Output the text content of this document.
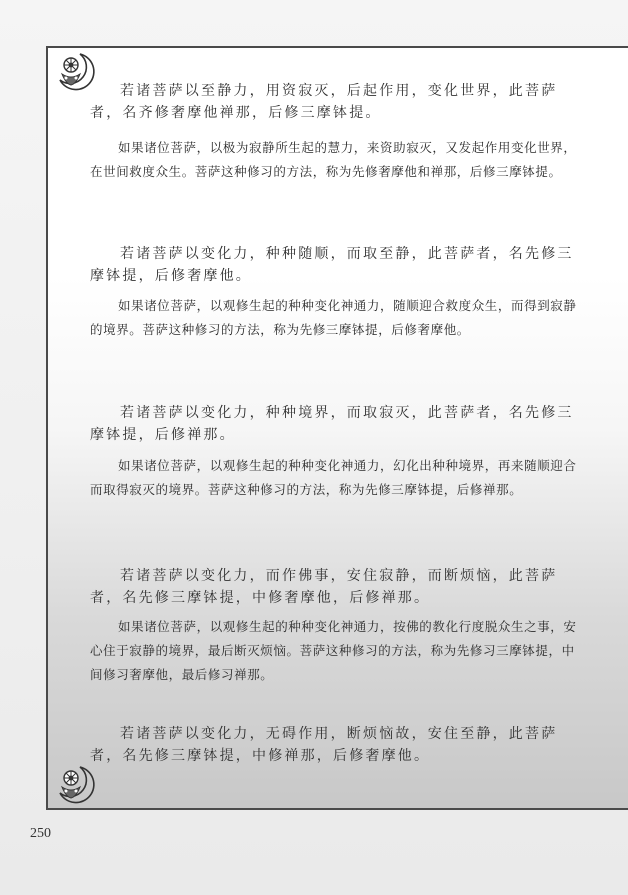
若诸菩萨以至静力，用资寂灭，后起作用，变化世界，此菩萨者，名齐修奢摩他禅那，后修三摩钵提。
如果诸位菩萨，以极为寂静所生起的慧力，来资助寂灭，又发起作用变化世界，在世间救度众生。菩萨这种修习的方法，称为先修奢摩他和禅那，后修三摩钵提。
若诸菩萨以变化力，种种随顺，而取至静，此菩萨者，名先修三摩钵提，后修奢摩他。
如果诸位菩萨，以观修生起的种种变化神通力，随顺迎合救度众生，而得到寂静的境界。菩萨这种修习的方法，称为先修三摩钵提，后修奢摩他。
若诸菩萨以变化力，种种境界，而取寂灭，此菩萨者，名先修三摩钵提，后修禅那。
如果诸位菩萨，以观修生起的种种变化神通力，幻化出种种境界，再来随顺迎合而取得寂灭的境界。菩萨这种修习的方法，称为先修三摩钵提，后修禅那。
若诸菩萨以变化力，而作佛事，安住寂静，而断烦恼，此菩萨者，名先修三摩钵提，中修奢摩他，后修禅那。
如果诸位菩萨，以观修生起的种种变化神通力，按佛的教化行度脱众生之事，安心住于寂静的境界，最后断灭烦恼。菩萨这种修习的方法，称为先修习三摩钵提，中间修习奢摩他，最后修习禅那。
若诸菩萨以变化力，无碍作用，断烦恼故，安住至静，此菩萨者，名先修三摩钵提，中修禅那，后修奢摩他。
250
